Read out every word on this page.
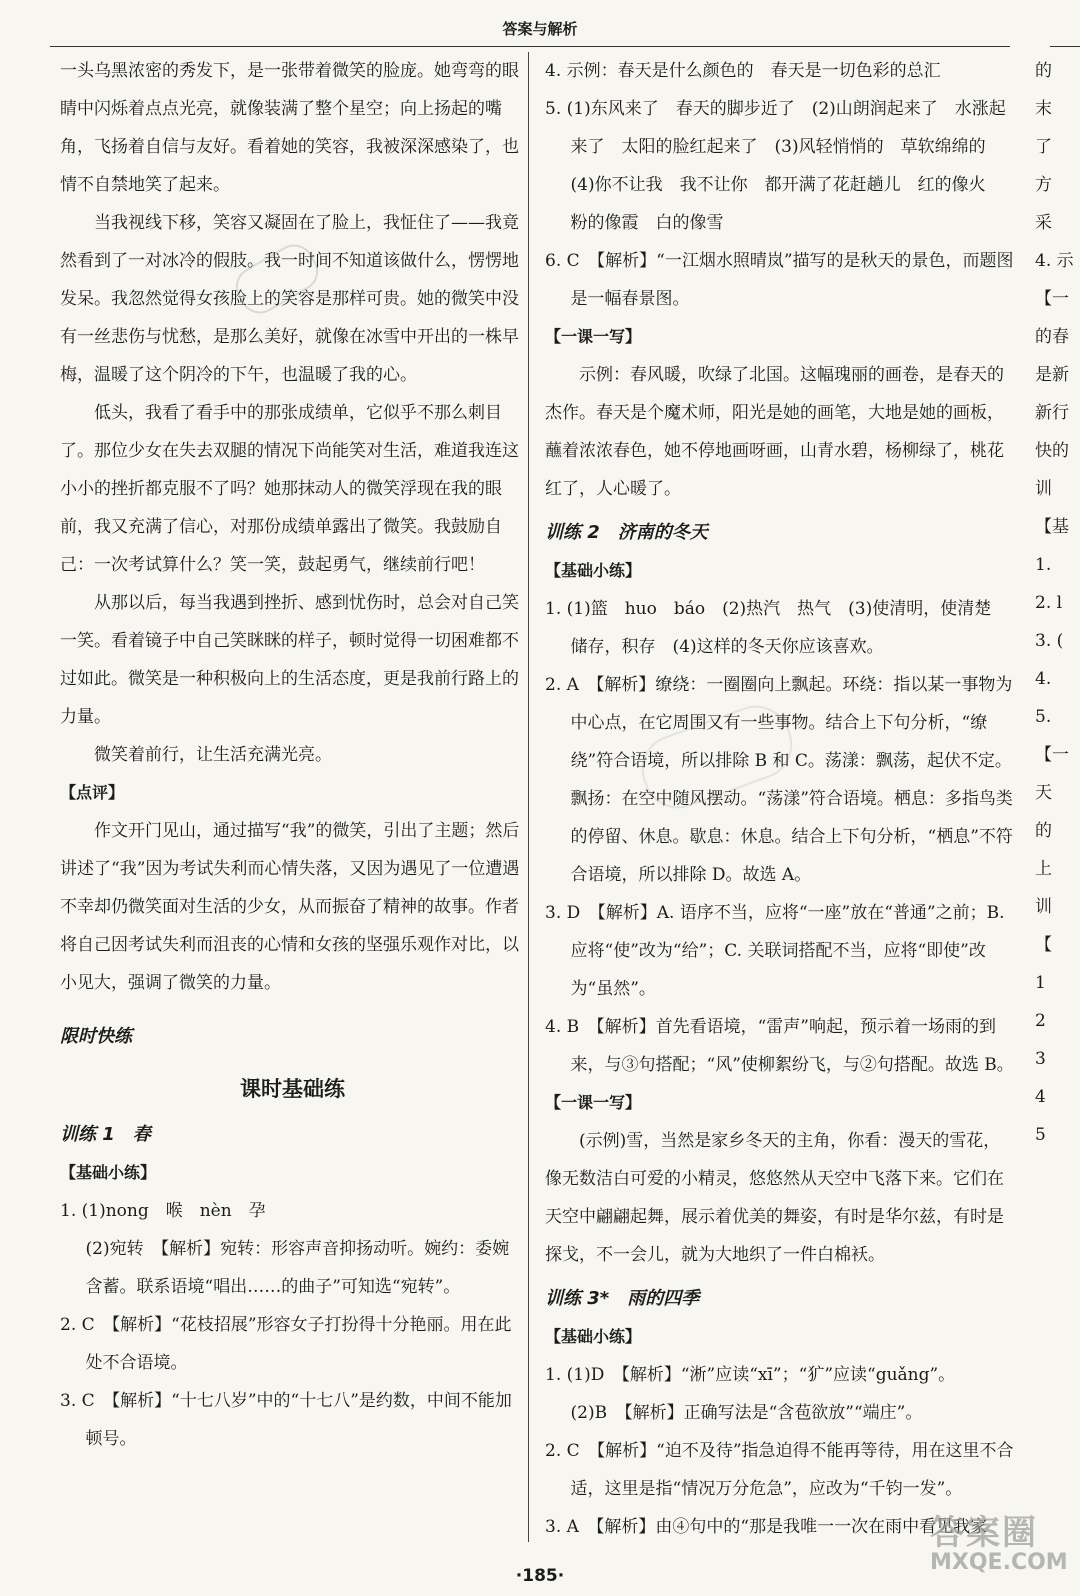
答案与解析

一头乌黑浓密的秀发下，是一张带着微笑的脸庞。她弯弯的眼睛中闪烁着点点光亮，就像装满了整个星空；向上扬起的嘴角，飞扬着自信与友好。看着她的笑容，我被深深感染了，也情不自禁地笑了起来。

当我视线下移，笑容又凝固在了脸上，我怔住了——我竟然看到了一对冰冷的假肢。我一时间不知道该做什么，愣愣地发呆。我忽然觉得女孩脸上的笑容是那样可贵。她的微笑中没有一丝悲伤与忧愁，是那么美好，就像在冰雪中开出的一株早梅，温暖了这个阴冷的下午，也温暖了我的心。

低头，我看了看手中的那张成绩单，它似乎不那么刺目了。那位少女在失去双腿的情况下尚能笑对生活，难道我连这小小的挫折都克服不了吗？她那抹动人的微笑浮现在我的眼前，我又充满了信心，对那份成绩单露出了微笑。我鼓励自己：一次考试算什么？笑一笑，鼓起勇气，继续前行吧！

从那以后，每当我遇到挫折、感到忧伤时，总会对自己笑一笑。看着镜子中自己笑眯眯的样子，顿时觉得一切困难都不过如此。微笑是一种积极向上的生活态度，更是我前行路上的力量。

微笑着前行，让生活充满光亮。

【点评】

作文开门见山，通过描写“我”的微笑，引出了主题；然后讲述了“我”因为考试失利而心情失落，又因为遇见了一位遭遇不幸却仍微笑面对生活的少女，从而振奋了精神的故事。作者将自己因考试失利而沮丧的心情和女孩的坚强乐观作对比，以小见大，强调了微笑的力量。

限时快练

课时基础练

训练 1　春

【基础小练】

1. (1)nong　喉　nèn　孕

(2)宛转　【解析】宛转：形容声音抑扬动听。婉约：委婉含蓄。联系语境“唱出……的曲子”可知选“宛转”。

2. C　【解析】“花枝招展”形容女子打扮得十分艳丽。用在此处不合语境。

3. C　【解析】“十七八岁”中的“十七八”是约数，中间不能加顿号。

4. 示例：春天是什么颜色的　春天是一切色彩的总汇

5. (1)东风来了　春天的脚步近了　(2)山朗润起来了　水涨起来了　太阳的脸红起来了　(3)风轻悄悄的　草软绵绵的　(4)你不让我　我不让你　都开满了花赶趟儿　红的像火　粉的像霞　白的像雪

6. C　【解析】“一江烟水照晴岚”描写的是秋天的景色，而题图是一幅春景图。

【一课一写】

示例：春风暖，吹绿了北国。这幅瑰丽的画卷，是春天的杰作。春天是个魔术师，阳光是她的画笔，大地是她的画板，蘸着浓浓春色，她不停地画呀画，山青水碧，杨柳绿了，桃花红了，人心暖了。

训练 2　济南的冬天

【基础小练】

1. (1)篮　huo　báo　(2)热汽　热气　(3)使清明，使清楚　储存，积存　(4)这样的冬天你应该喜欢。

2. A　【解析】缭绕：一圈圈向上飘起。环绕：指以某一事物为中心点，在它周围又有一些事物。结合上下句分析，“缭绕”符合语境，所以排除 B 和 C。荡漾：飘荡，起伏不定。飘扬：在空中随风摆动。“荡漾”符合语境。栖息：多指鸟类的停留、休息。歇息：休息。结合上下句分析，“栖息”不符合语境，所以排除 D。故选 A。

3. D　【解析】A. 语序不当，应将“一座”放在“普通”之前；B. 应将“使”改为“给”；C. 关联词搭配不当，应将“即使”改为“虽然”。

4. B　【解析】首先看语境，“雷声”响起，预示着一场雨的到来，与③句搭配；“风”使柳絮纷飞，与②句搭配。故选 B。

【一课一写】

(示例)雪，当然是家乡冬天的主角，你看：漫天的雪花，像无数洁白可爱的小精灵，悠悠然从天空中飞落下来。它们在天空中翩翩起舞，展示着优美的舞姿，有时是华尔兹，有时是探戈，不一会儿，就为大地织了一件白棉袄。

训练 3*　雨的四季

【基础小练】

1. (1)D　【解析】“淅”应读“xī”；“犷”应读“guǎng”。

(2)B　【解析】正确写法是“含苞欲放”“端庄”。

2. C　【解析】“迫不及待”指急迫得不能再等待，用在这里不合适，这里是指“情况万分危急”，应改为“千钧一发”。

3. A　【解析】由④句中的“那是我唯一一次在雨中看见我家

的
末
了
方
采
4. 示
【一
的春
是新
新行
快的
训
【基
1.
2. l
3. (
4.
5.
【一
天
的
上
训
【
1
2
3
4
5
·185·
答案圈
MXQE.COM
